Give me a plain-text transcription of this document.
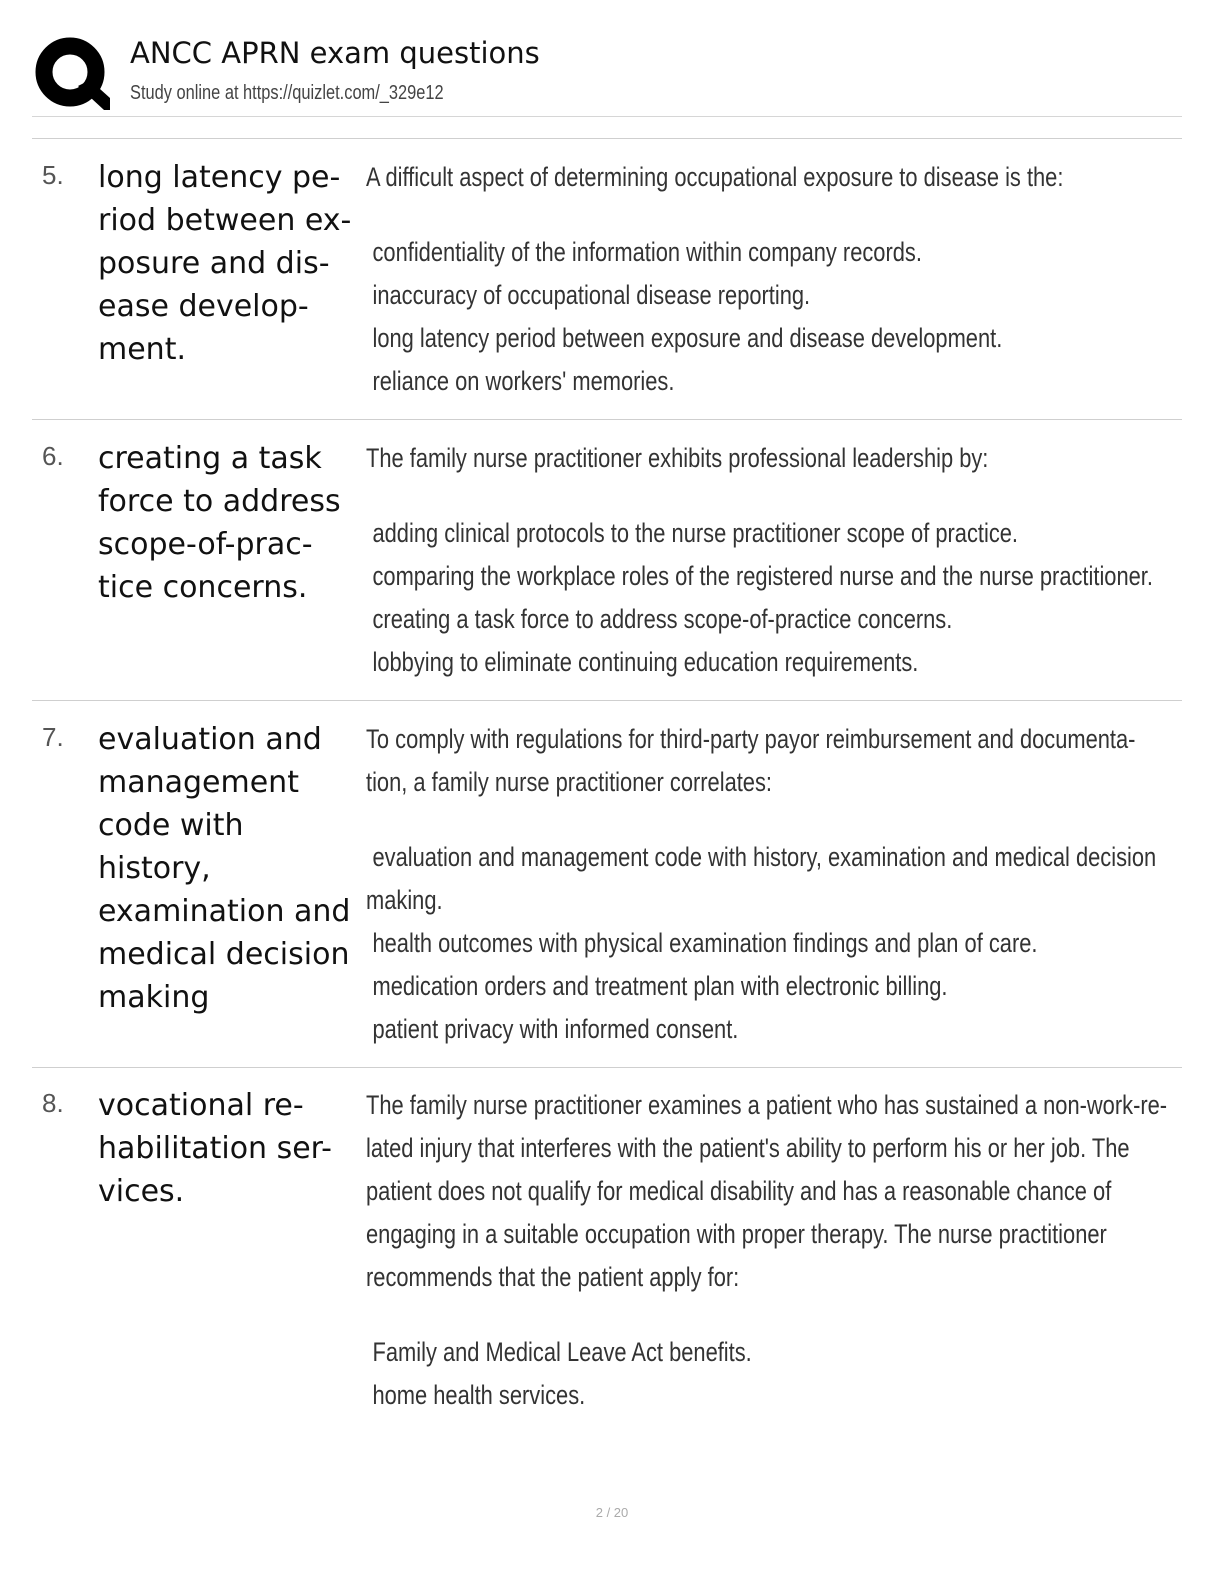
ANCC APRN exam questions
Study online at https://quizlet.com/_329e12
5. long latency pe-
riod between ex-
posure and dis-
ease develop-
ment.

A difficult aspect of determining occupational exposure to disease is the:

confidentiality of the information within company records.

inaccuracy of occupational disease reporting.

long latency period between exposure and disease development.

reliance on workers' memories.

6. creating a task
force to address
scope-of-prac-
tice concerns.

The family nurse practitioner exhibits professional leadership by:

adding clinical protocols to the nurse practitioner scope of practice.

comparing the workplace roles of the registered nurse and the nurse practitioner.

creating a task force to address scope-of-practice concerns.

lobbying to eliminate continuing education requirements.

7. evaluation and
management
code with
history,
examination and
medical decision
making

To comply with regulations for third-party payor reimbursement and documenta-
tion, a family nurse practitioner correlates:

evaluation and management code with history, examination and medical decision
making.

health outcomes with physical examination findings and plan of care.

medication orders and treatment plan with electronic billing.

patient privacy with informed consent.

8. vocational re-
habilitation ser-
vices.

The family nurse practitioner examines a patient who has sustained a non-work-re-
lated injury that interferes with the patient's ability to perform his or her job. The
patient does not qualify for medical disability and has a reasonable chance of
engaging in a suitable occupation with proper therapy. The nurse practitioner
recommends that the patient apply for:

Family and Medical Leave Act benefits.

home health services.

2 / 20
